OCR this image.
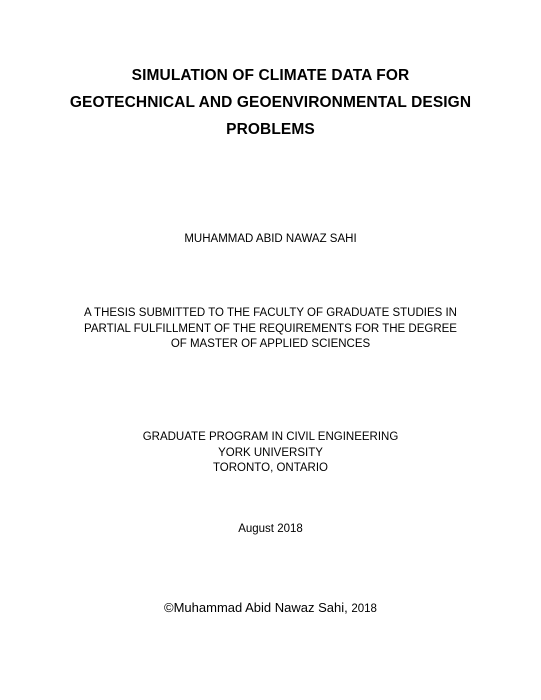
SIMULATION OF CLIMATE DATA FOR
GEOTECHNICAL AND GEOENVIRONMENTAL DESIGN
PROBLEMS
MUHAMMAD ABID NAWAZ SAHI
A THESIS SUBMITTED TO THE FACULTY OF GRADUATE STUDIES IN
PARTIAL FULFILLMENT OF THE REQUIREMENTS FOR THE DEGREE
OF MASTER OF APPLIED SCIENCES
GRADUATE PROGRAM IN CIVIL ENGINEERING
YORK UNIVERSITY
TORONTO, ONTARIO
August 2018
©Muhammad Abid Nawaz Sahi, 2018
